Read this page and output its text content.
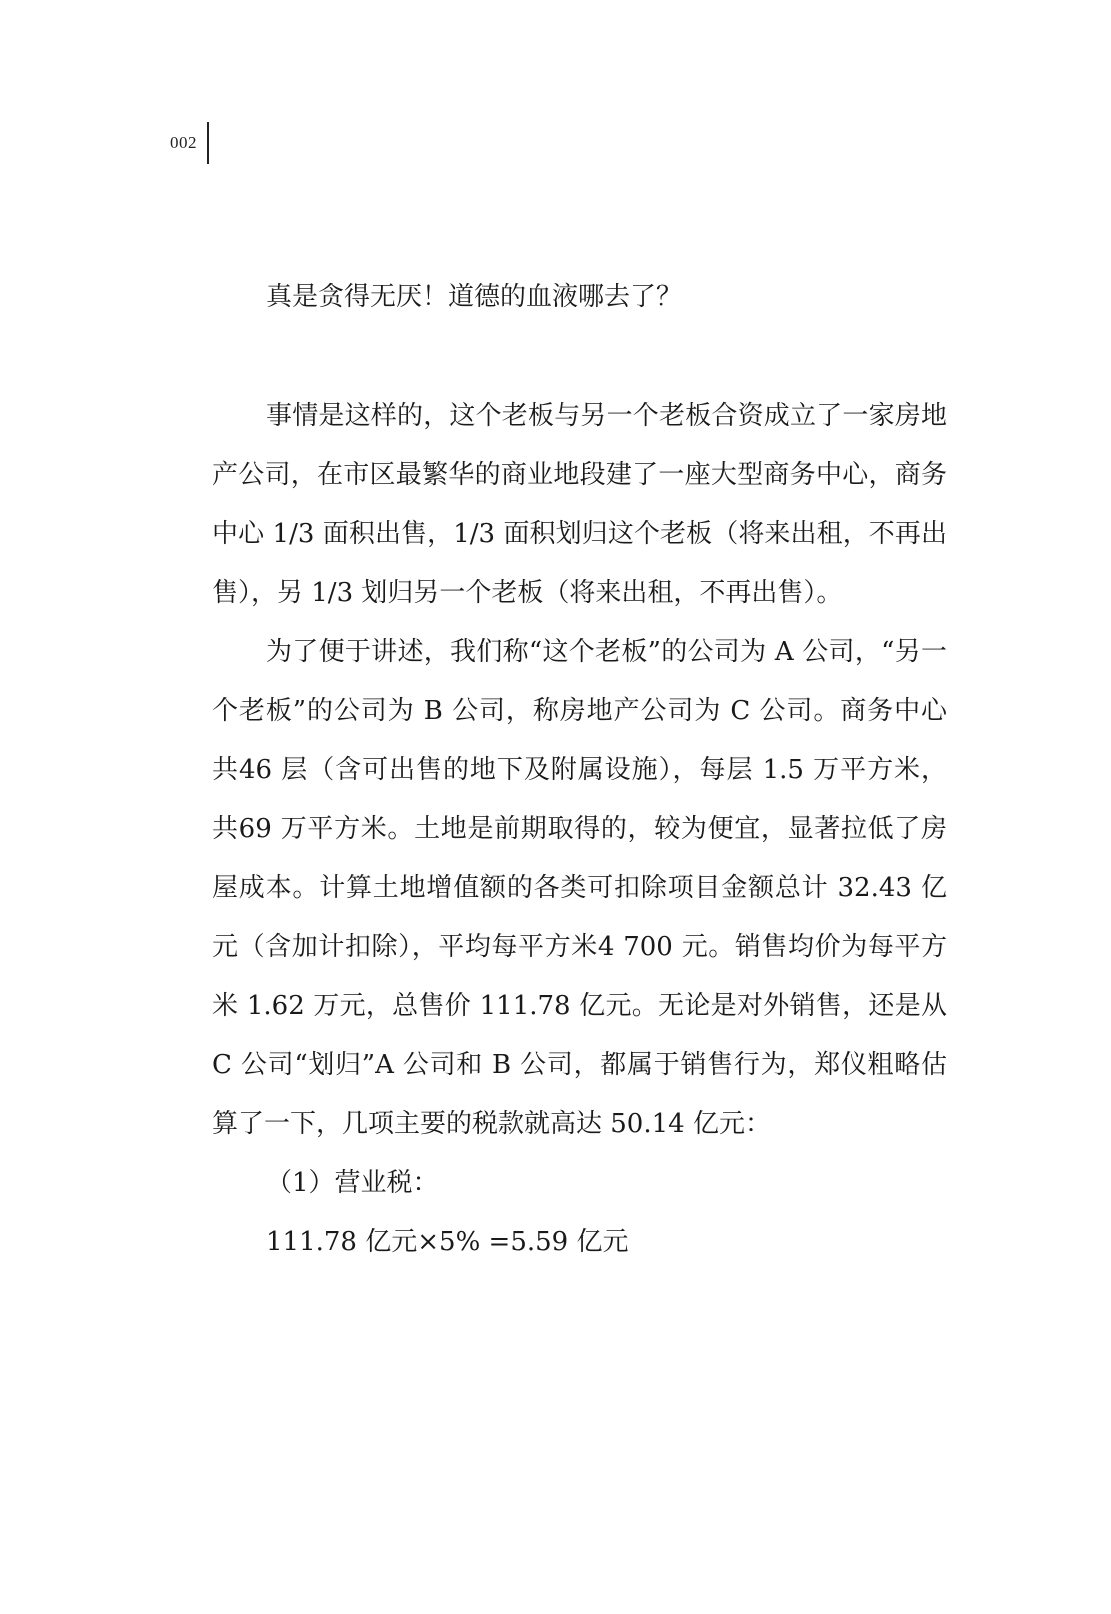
002

真是贪得无厌！道德的血液哪去了？

事情是这样的，这个老板与另一个老板合资成立了一家房地产公司，在市区最繁华的商业地段建了一座大型商务中心，商务中心 1/3 面积出售，1/3 面积划归这个老板（将来出租，不再出售），另 1/3 划归另一个老板（将来出租，不再出售）。

为了便于讲述，我们称“这个老板”的公司为 A 公司，“另一个老板”的公司为 B 公司，称房地产公司为 C 公司。商务中心共46 层（含可出售的地下及附属设施），每层 1.5 万平方米，共69 万平方米。土地是前期取得的，较为便宜，显著拉低了房屋成本。计算土地增值额的各类可扣除项目金额总计 32.43 亿元（含加计扣除），平均每平方米4 700 元。销售均价为每平方米 1.62 万元，总售价 111.78 亿元。无论是对外销售，还是从 C 公司“划归”A 公司和 B 公司，都属于销售行为，郑仪粗略估算了一下，几项主要的税款就高达 50.14 亿元：

（1）营业税：

111.78 亿元×5% =5.59 亿元
